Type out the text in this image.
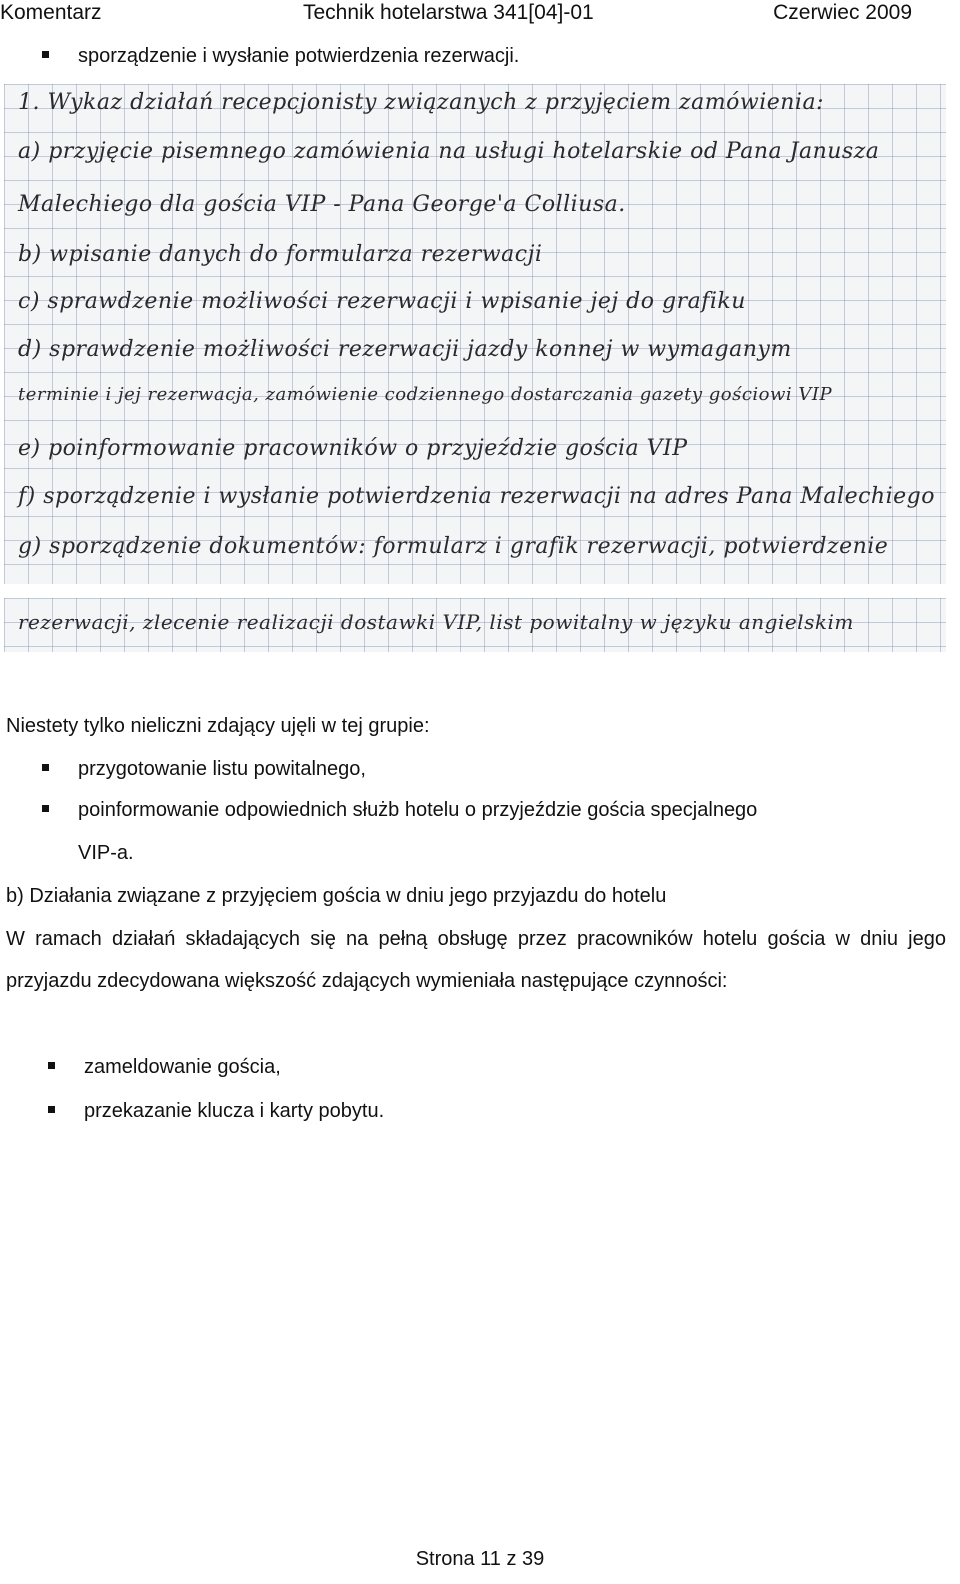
Komentarz	Technik hotelarstwa 341[04]-01	Czerwiec 2009
sporządzenie i wysłanie potwierdzenia rezerwacji.
1. Wykaz działań recepcjonisty związanych z przyjęciem zamówienia:
a) przyjęcie pisemnego zamówienia na usługi hotelarskie od Pana Janusza
Malechiego dla gościa VIP - Pana George'a Colliusa.
b) wpisanie danych do formularza rezerwacji
c) sprawdzenie możliwości rezerwacji i wpisanie jej do grafiku
d) sprawdzenie możliwości rezerwacji jazdy konnej w wymaganym
terminie i jej rezerwacja, zamówienie codziennego dostarczania gazety gościowi VIP
e) poinformowanie pracowników o przyjeździe gościa VIP
f) sporządzenie i wysłanie potwierdzenia rezerwacji na adres Pana Malechiego
g) sporządzenie dokumentów: formularz i grafik rezerwacji, potwierdzenie
rezerwacji, zlecenie realizacji dostawki VIP, list powitalny w języku angielskim
Niestety tylko nieliczni zdający ujęli w tej grupie:
przygotowanie listu powitalnego,
poinformowanie odpowiednich służb hotelu o przyjeździe gościa specjalnego
VIP-a.
b) Działania związane z przyjęciem gościa w dniu jego przyjazdu do hotelu
W ramach działań składających się na pełną obsługę przez pracowników hotelu gościa w dniu jego przyjazdu zdecydowana większość zdających wymieniała następujące czynności:
zameldowanie gościa,
przekazanie klucza i karty pobytu.
Strona 11 z 39
